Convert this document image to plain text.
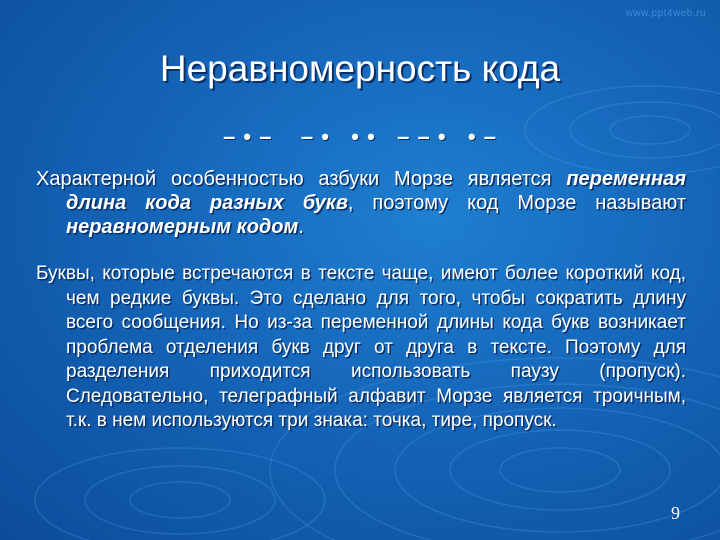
www.ppt4web.ru
Неравномерность кода
– • –    – •   • •   – – •   • –
Характерной особенностью азбуки Морзе является переменная длина кода разных букв, поэтому код Морзе называют неравномерным кодом.
Буквы, которые встречаются в тексте чаще, имеют более короткий код, чем редкие буквы. Это сделано для того, чтобы сократить длину всего сообщения. Но из-за переменной длины кода букв возникает проблема отделения букв друг от друга в тексте. Поэтому для разделения приходится использовать паузу (пропуск). Следовательно, телеграфный алфавит Морзе является троичным, т.к. в нем используются три знака: точка, тире, пропуск.
9
